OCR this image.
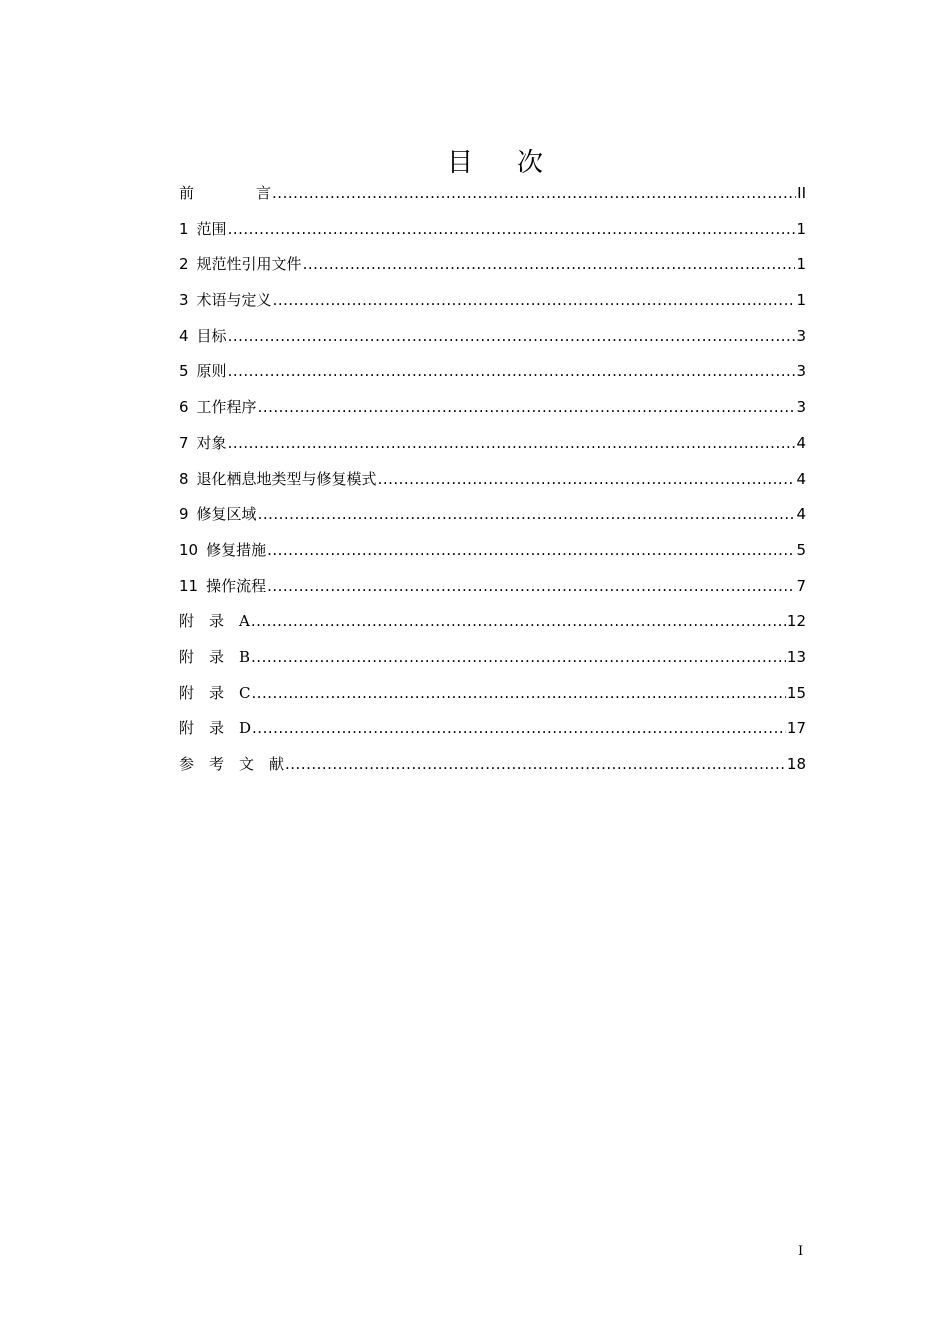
目 次
前	言 .....	II
1 范围 .....	1
2 规范性引用文件 .....	1
3 术语与定义 .....	1
4 目标 .....	3
5 原则 .....	3
6 工作程序 .....	3
7 对象 .....	4
8 退化栖息地类型与修复模式 .....	4
9 修复区域 .....	4
10 修复措施 .....	5
11 操作流程 .....	7
附　录　A .....	12
附　录　B .....	13
附　录　C .....	15
附　录　D .....	17
参　考　文　献 .....	18
I
